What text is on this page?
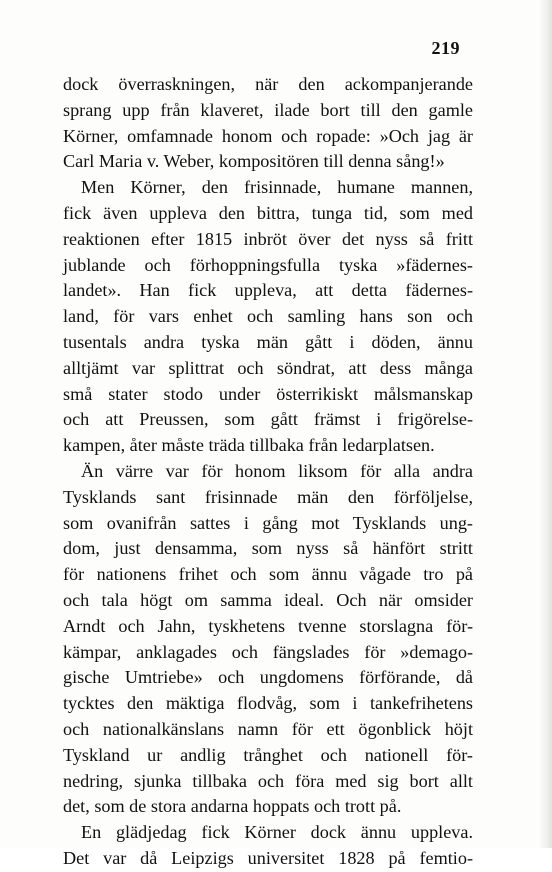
219
dock överraskningen, när den ackompanjerande
sprang upp från klaveret, ilade bort till den gamle
Körner, omfamnade honom och ropade: »Och jag är
Carl Maria v. Weber, kompositören till denna sång!»
Men Körner, den frisinnade, humane mannen,
fick även uppleva den bittra, tunga tid, som med
reaktionen efter 1815 inbröt över det nyss så fritt
jublande och förhoppningsfulla tyska »fädernes-
landet». Han fick uppleva, att detta fädernes-
land, för vars enhet och samling hans son och
tusentals andra tyska män gått i döden, ännu
alltjämt var splittrat och söndrat, att dess många
små stater stodo under österrikiskt målsmanskap
och att Preussen, som gått främst i frigörelse-
kampen, åter måste träda tillbaka från ledarplatsen.
Än värre var för honom liksom för alla andra
Tysklands sant frisinnade män den förföljelse,
som ovanifrån sattes i gång mot Tysklands ung-
dom, just densamma, som nyss så hänfört stritt
för nationens frihet och som ännu vågade tro på
och tala högt om samma ideal. Och när omsider
Arndt och Jahn, tyskhetens tvenne storslagna för-
kämpar, anklagades och fängslades för »demago-
gische Umtriebe» och ungdomens förförande, då
tycktes den mäktiga flodvåg, som i tankefrihetens
och nationalkänslans namn för ett ögonblick höjt
Tyskland ur andlig trånghet och nationell för-
nedring, sjunka tillbaka och föra med sig bort allt
det, som de stora andarna hoppats och trott på.
En glädjedag fick Körner dock ännu uppleva.
Det var då Leipzigs universitet 1828 på femtio-
